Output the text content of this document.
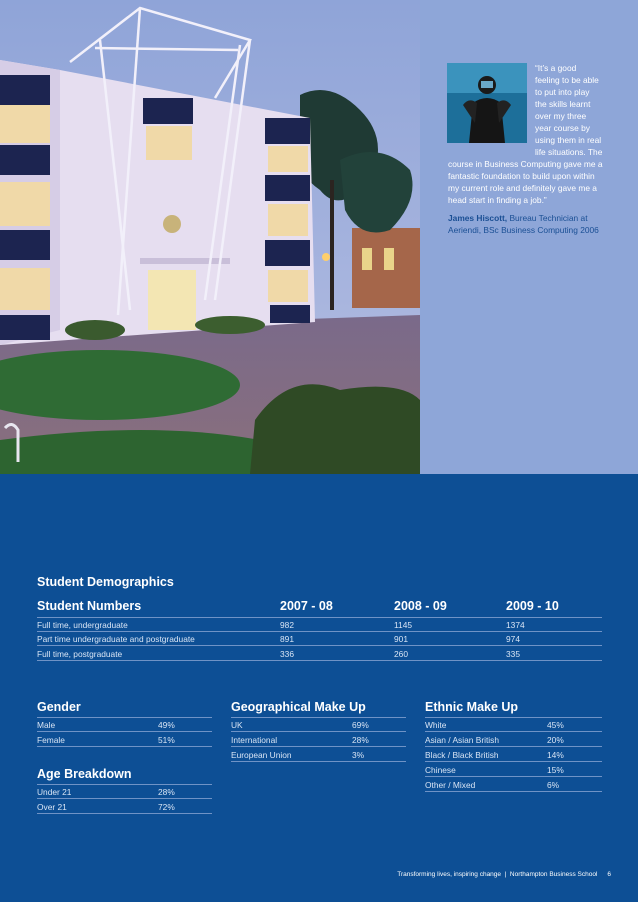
“It’s a good
feeling to be able
to put into play
the skills learnt
over my three
year course by
using them in real
life situations. The
course in Business Computing gave me a
fantastic foundation to build upon within
my current role and definitely gave me a
head start in finding a job.”
James Hiscott, Bureau Technician at
Aeriendi, BSc Business Computing 2006
Student Demographics
Student Numbers	2007 - 08	2008 - 09	2009 - 10
Full time, undergraduate	982	1145	1374
Part time undergraduate and postgraduate	891	901	974
Full time, postgraduate	336	260	335
Gender
Male	49%
Female	51%
Age Breakdown
Under 21	28%
Over 21	72%
Geographical Make Up
UK	69%
International	28%
European Union	3%
Ethnic Make Up
White	45%
Asian / Asian British	20%
Black / Black British	14%
Chinese	15%
Other / Mixed	6%
Transforming lives, inspiring change  |  Northampton Business School 6
